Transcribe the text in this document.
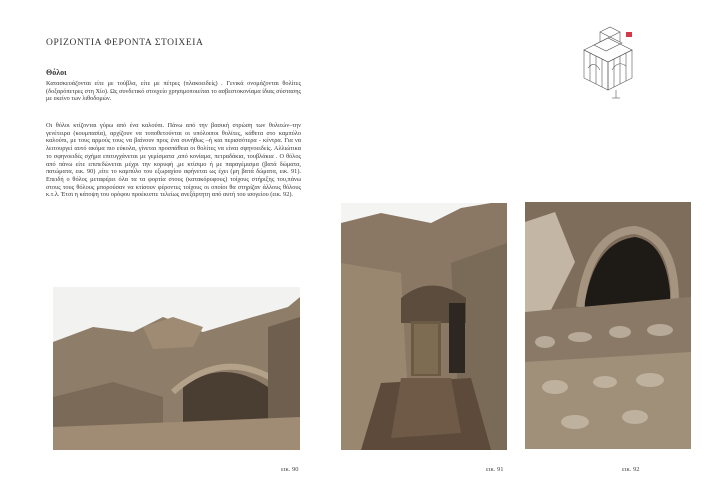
ΟΡΙΖΟΝΤΙΑ ΦΕΡΟΝΤΑ ΣΤΟΙΧΕΙΑ
Θόλοι

Κατασκευάζονται είτε με τούβλα, είτε με πέτρες (πλακοειδείς) . Γενικά ονομάζονται θολίτες (δοξαρόπετρες στη Χίο). Ως συνδετικό στοιχείο χρησιμοποιείται το ασβεστοκονίαμα ίδιας σύστασης με εκείνο των λιθοδομών.

Οι θόλοι κτίζονται γύρω από ένα καλούπι. Πάνω από την βασική στρώση των θολιτών–την γενέτειρα (κουμπασία), αρχίζουν να τοποθετούνται οι υπόλοιποι θολίτες, κάθετα στο καμπύλο καλούπι, με τους αρμούς τους να βαίνουν προς ένα συνήθως –ή και περισσότερα - κέντρα. Για να λειτουργεί αυτό ακόμα πιο εύκολα, γίνεται προσπάθεια οι θολίτες να είναι σφηνοειδείς. Αλλιώτικα το σφηνοειδές σχήμα επιτυγχάνεται με γεμίσματα ,από κονίαμα, πετραδάκια, τουβλάκια . Ο θόλος από πάνω είτε επιπεδώνεται μέχρι την κορυφή ,με κτίσιμο ή με παραγέμισμα (βατά δώματα, πατώματα, εικ. 90) ,είτε το καμπύλο του εξωραχίου αφήνεται ως έχει (μη βατά δώματα, εικ. 91). Επειδή ο θόλος μεταφέρει όλα τα τα φορτία στους (κατακόρυφους) τοίχους στήριξης του,πάνω στους τους θόλους μπορούσαν να κτίσουν φέροντες τοίχους οι οποίοι θα στηρίζαν άλλους θόλους κ.τ.λ. Έτσι η κάτοψη του ορόφου προέκυπτε τελείως ανεξάρτητη από αυτή του ισογείου (εικ. 92).

εικ. 90	εικ. 91	εικ. 92
